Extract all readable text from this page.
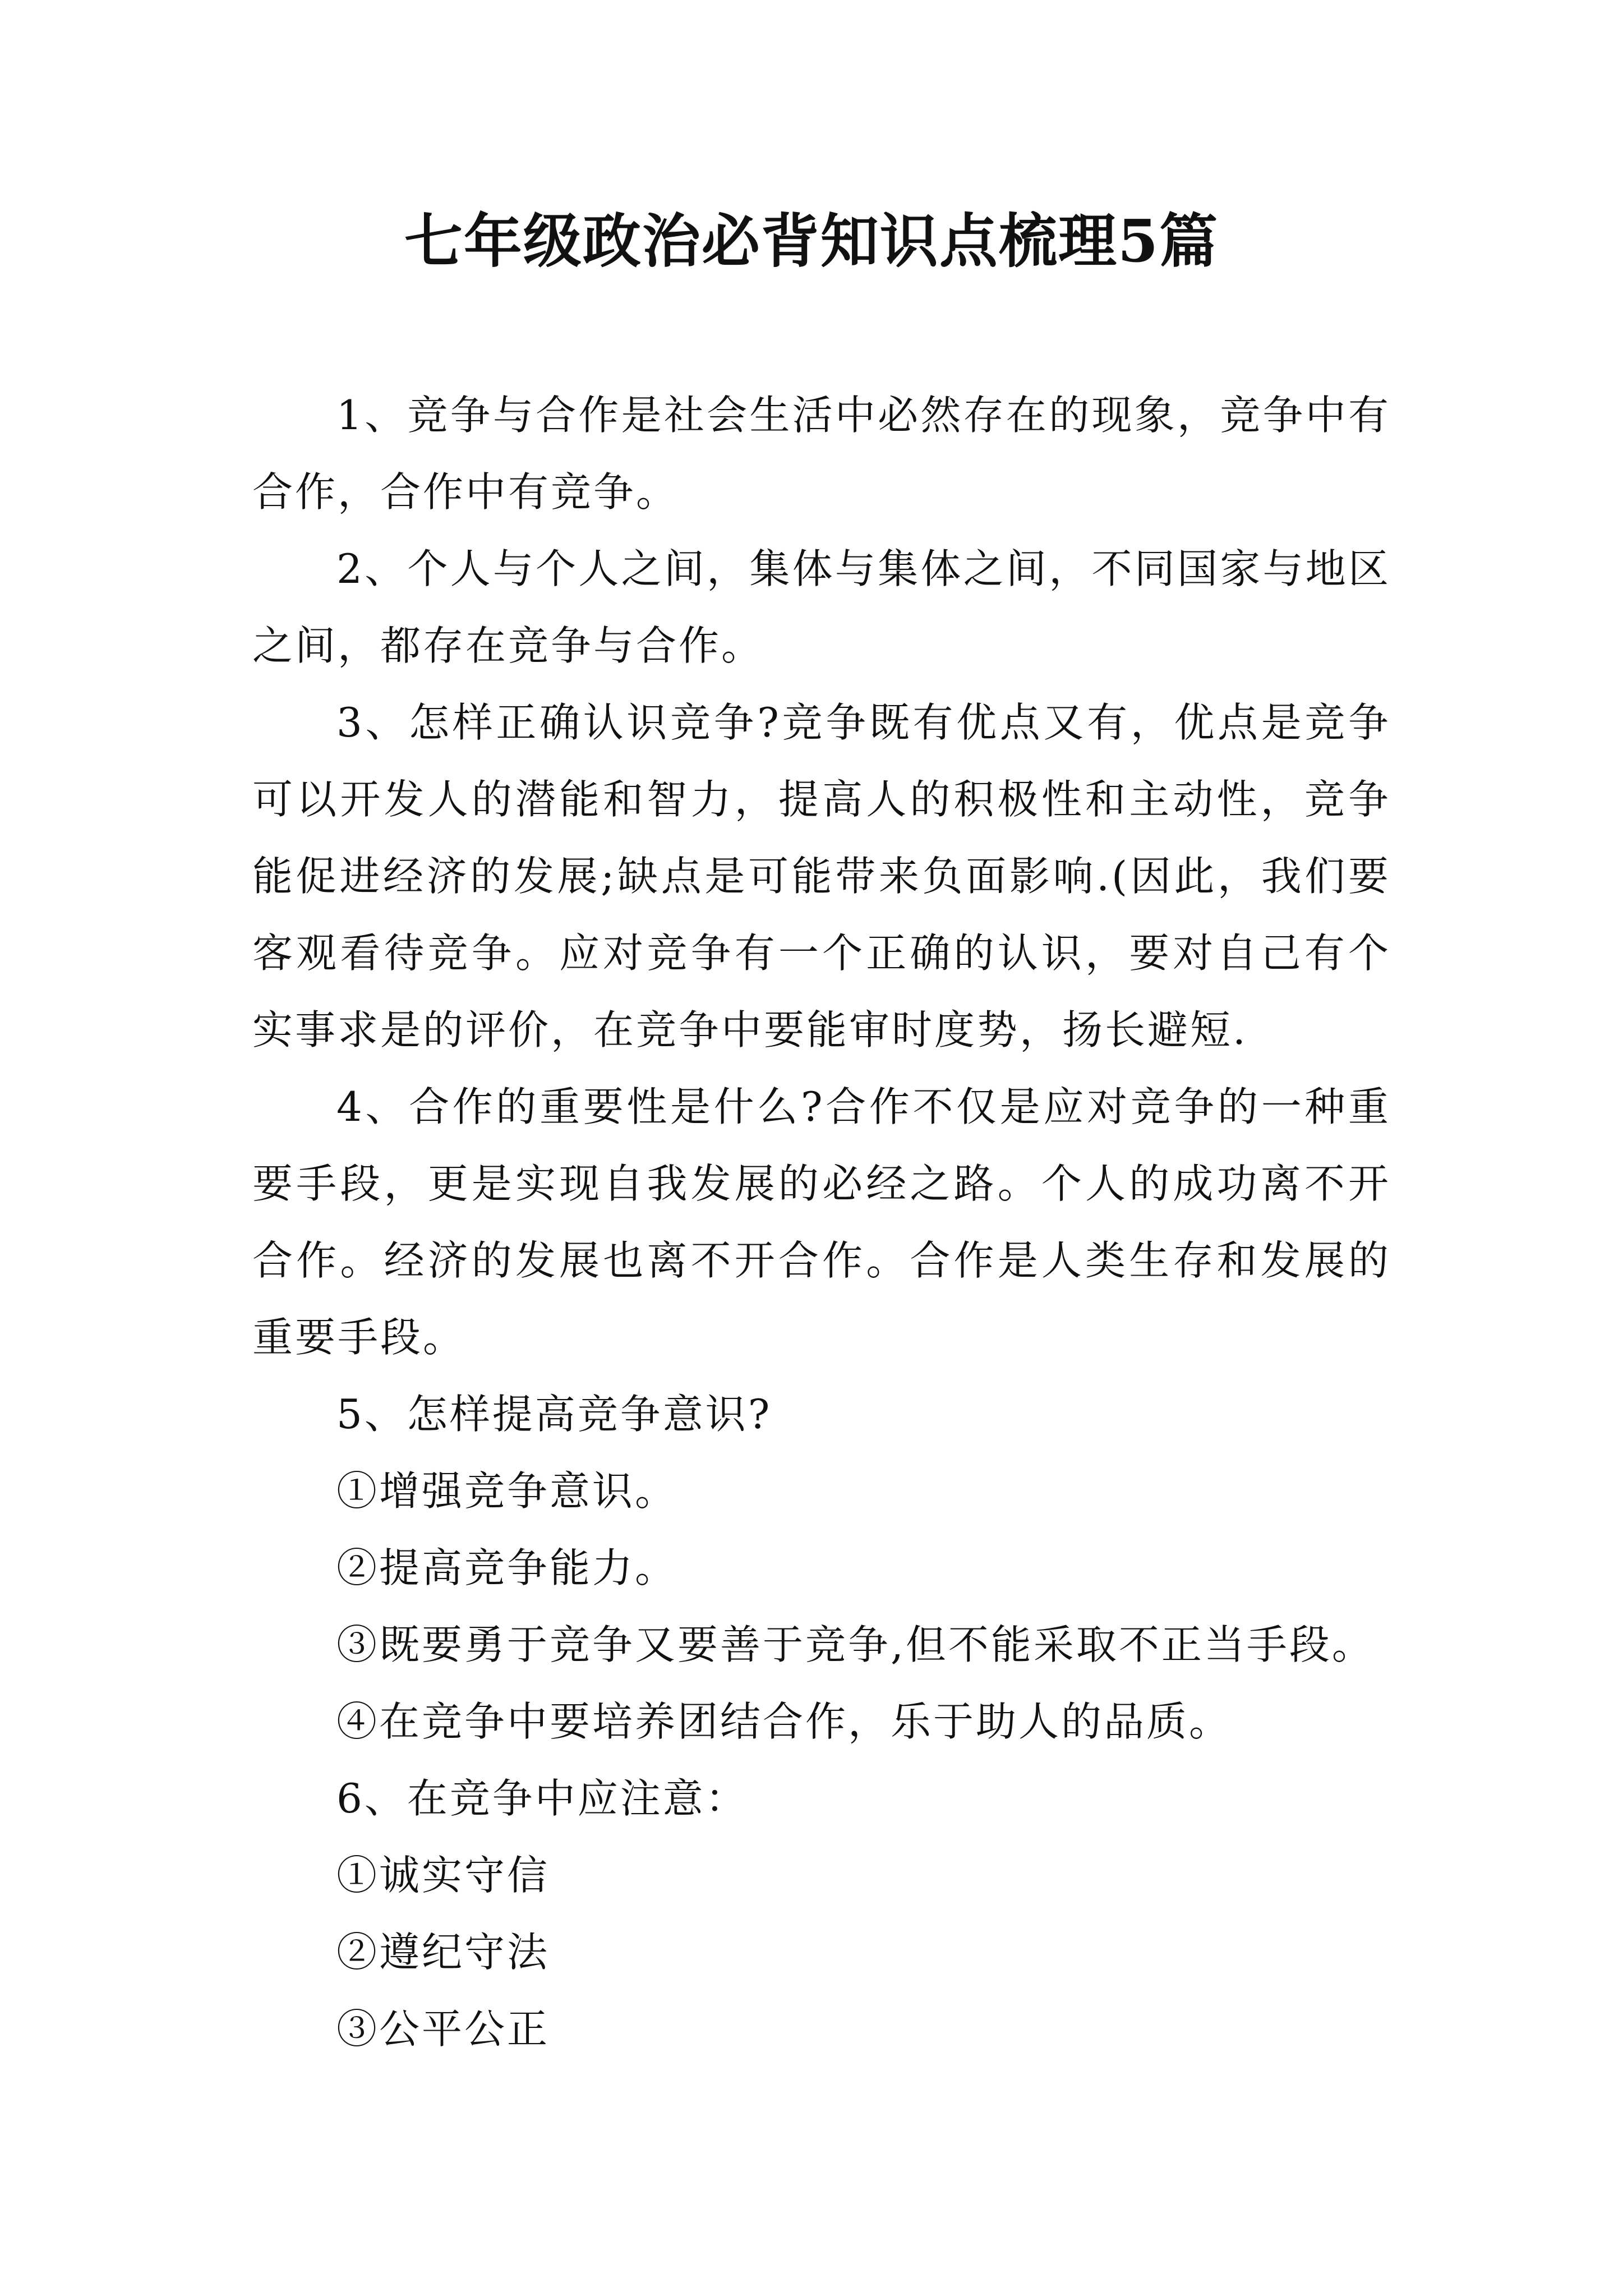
七年级政治必背知识点梳理5篇

1、竞争与合作是社会生活中必然存在的现象，竞争中有合作，合作中有竞争。

2、个人与个人之间，集体与集体之间，不同国家与地区之间，都存在竞争与合作。

3、怎样正确认识竞争?竞争既有优点又有，优点是竞争可以开发人的潜能和智力，提高人的积极性和主动性，竞争能促进经济的发展;缺点是可能带来负面影响.(因此，我们要客观看待竞争。应对竞争有一个正确的认识，要对自己有个实事求是的评价，在竞争中要能审时度势，扬长避短.

4、合作的重要性是什么?合作不仅是应对竞争的一种重要手段，更是实现自我发展的必经之路。个人的成功离不开合作。经济的发展也离不开合作。合作是人类生存和发展的重要手段。

5、怎样提高竞争意识?

①增强竞争意识。

②提高竞争能力。

③既要勇于竞争又要善于竞争,但不能采取不正当手段。

④在竞争中要培养团结合作，乐于助人的品质。

6、在竞争中应注意：

①诚实守信

②遵纪守法

③公平公正
